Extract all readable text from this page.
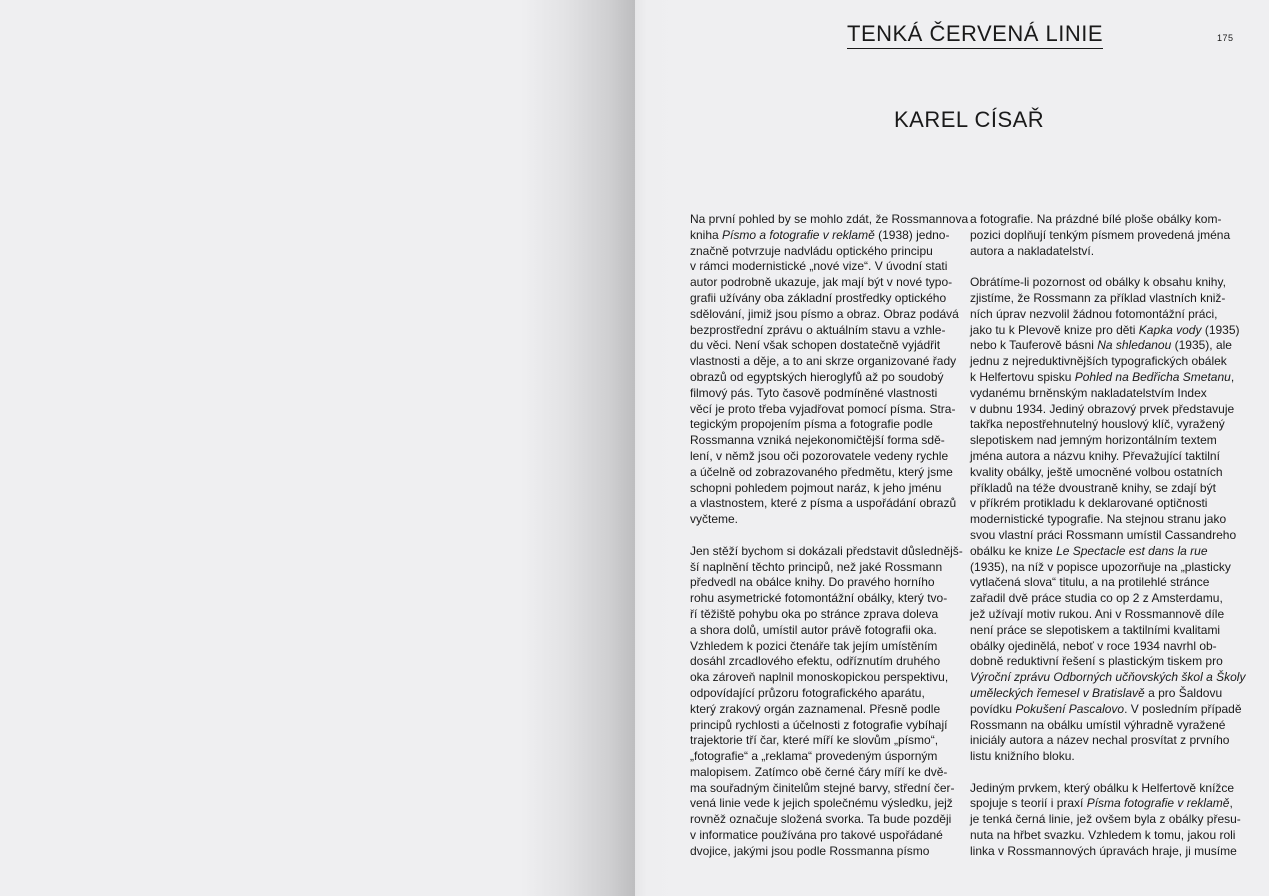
TENKÁ ČERVENÁ LINIE	175
KAREL CÍSAŘ
Na první pohled by se mohlo zdát, že Rossmannova
kniha Písmo a fotografie v reklamě (1938) jedno-
značně potvrzuje nadvládu optického principu
v rámci modernistické „nové vize“. V úvodní stati
autor podrobně ukazuje, jak mají být v nové typo-
grafii užívány oba základní prostředky optického
sdělování, jimiž jsou písmo a obraz. Obraz podává
bezprostřední zprávu o aktuálním stavu a vzhle-
du věci. Není však schopen dostatečně vyjádřit
vlastnosti a děje, a to ani skrze organizované řady
obrazů od egyptských hieroglyfů až po soudobý
filmový pás. Tyto časově podmíněné vlastnosti
věcí je proto třeba vyjadřovat pomocí písma. Stra-
tegickým propojením písma a fotografie podle
Rossmanna vzniká nejekonomičtější forma sdě-
lení, v němž jsou oči pozorovatele vedeny rychle
a účelně od zobrazovaného předmětu, který jsme
schopni pohledem pojmout naráz, k jeho jménu
a vlastnostem, které z písma a uspořádání obrazů
vyčteme.
Jen stěží bychom si dokázali představit důslednějš-
ší naplnění těchto principů, než jaké Rossmann
předvedl na obálce knihy. Do pravého horního
rohu asymetrické fotomontážní obálky, který tvo-
ří těžiště pohybu oka po stránce zprava doleva
a shora dolů, umístil autor právě fotografii oka.
Vzhledem k pozici čtenáře tak jejím umístěním
dosáhl zrcadlového efektu, odříznutím druhého
oka zároveň naplnil monoskopickou perspektivu,
odpovídající průzoru fotografického aparátu,
který zrakový orgán zaznamenal. Přesně podle
principů rychlosti a účelnosti z fotografie vybíhají
trajektorie tří čar, které míří ke slovům „písmo“,
„fotografie“ a „reklama“ provedeným úsporným
malopisem. Zatímco obě černé čáry míří ke dvě-
ma souřadným činitelům stejné barvy, střední čer-
vená linie vede k jejich společnému výsledku, jejž
rovněž označuje složená svorka. Ta bude později
v informatice používána pro takové uspořádané
dvojice, jakými jsou podle Rossmanna písmo
a fotografie. Na prázdné bílé ploše obálky kom-
pozici doplňují tenkým písmem provedená jména
autora a nakladatelství.
Obrátíme-li pozornost od obálky k obsahu knihy,
zjistíme, že Rossmann za příklad vlastních kniž-
ních úprav nezvolil žádnou fotomontážní práci,
jako tu k Plevově knize pro děti Kapka vody (1935)
nebo k Tauferově básni Na shledanou (1935), ale
jednu z nejreduktivnějších typografických obálek
k Helfertovu spisku Pohled na Bedřicha Smetanu,
vydanému brněnským nakladatelstvím Index
v dubnu 1934. Jediný obrazový prvek představuje
takřka nepostřehnutelný houslový klíč, vyražený
slepotiskem nad jemným horizontálním textem
jména autora a názvu knihy. Převažující taktilní
kvality obálky, ještě umocněné volbou ostatních
příkladů na téže dvoustraně knihy, se zdají být
v příkrém protikladu k deklarované optičnosti
modernistické typografie. Na stejnou stranu jako
svou vlastní práci Rossmann umístil Cassandreho
obálku ke knize Le Spectacle est dans la rue
(1935), na níž v popisce upozorňuje na „plasticky
vytlačená slova“ titulu, a na protilehlé stránce
zařadil dvě práce studia co op 2 z Amsterdamu,
jež užívají motiv rukou. Ani v Rossmannově díle
není práce se slepotiskem a taktilními kvalitami
obálky ojedinělá, neboť v roce 1934 navrhl ob-
dobně reduktivní řešení s plastickým tiskem pro
Výroční zprávu Odborných učňovských škol a Školy
uměleckých řemesel v Bratislavě a pro Šaldovu
povídku Pokušení Pascalovo. V posledním případě
Rossmann na obálku umístil výhradně vyražené
iniciály autora a název nechal prosvítat z prvního
listu knižního bloku.
Jediným prvkem, který obálku k Helfertově knížce
spojuje s teorií i praxí Písma fotografie v reklamě,
je tenká černá linie, jež ovšem byla z obálky přesu-
nuta na hřbet svazku. Vzhledem k tomu, jakou roli
linka v Rossmannových úpravách hraje, ji musíme
